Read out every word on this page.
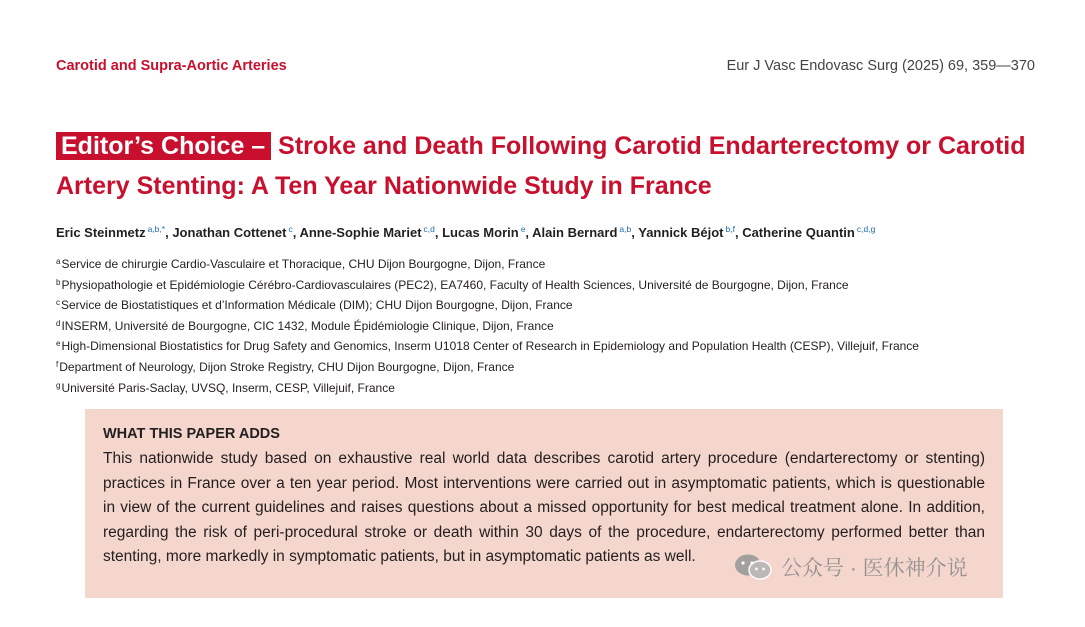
Carotid and Supra-Aortic Arteries	Eur J Vasc Endovasc Surg (2025) 69, 359—370
Editor’s Choice – Stroke and Death Following Carotid Endarterectomy or Carotid Artery Stenting: A Ten Year Nationwide Study in France
Eric Steinmetz $^{a,b,*}$, Jonathan Cottenet $^c$, Anne-Sophie Mariet $^{c,d}$, Lucas Morin $^e$, Alain Bernard $^{a,b}$, Yannick Béjot $^{b,f}$, Catherine Quantin $^{c,d,g}$
$^a$Service de chirurgie Cardio-Vasculaire et Thoracique, CHU Dijon Bourgogne, Dijon, France
$^b$Physiopathologie et Epidémiologie Cérébro-Cardiovasculaires (PEC2), EA7460, Faculty of Health Sciences, Université de Bourgogne, Dijon, France
$^c$Service de Biostatistiques et d’Information Médicale (DIM); CHU Dijon Bourgogne, Dijon, France
$^d$INSERM, Université de Bourgogne, CIC 1432, Module Épidémiologie Clinique, Dijon, France
$^e$High-Dimensional Biostatistics for Drug Safety and Genomics, Inserm U1018 Center of Research in Epidemiology and Population Health (CESP), Villejuif, France
$^f$Department of Neurology, Dijon Stroke Registry, CHU Dijon Bourgogne, Dijon, France
$^g$Université Paris-Saclay, UVSQ, Inserm, CESP, Villejuif, France
WHAT THIS PAPER ADDS
This nationwide study based on exhaustive real world data describes carotid artery procedure (endarterectomy or stenting) practices in France over a ten year period. Most interventions were carried out in asymptomatic patients, which is questionable in view of the current guidelines and raises questions about a missed opportunity for best medical treatment alone. In addition, regarding the risk of peri-procedural stroke or death within 30 days of the procedure, endarterectomy performed better than stenting, more markedly in symptomatic patients, but in asymptomatic patients as well.
公众号 · 医休神介说
